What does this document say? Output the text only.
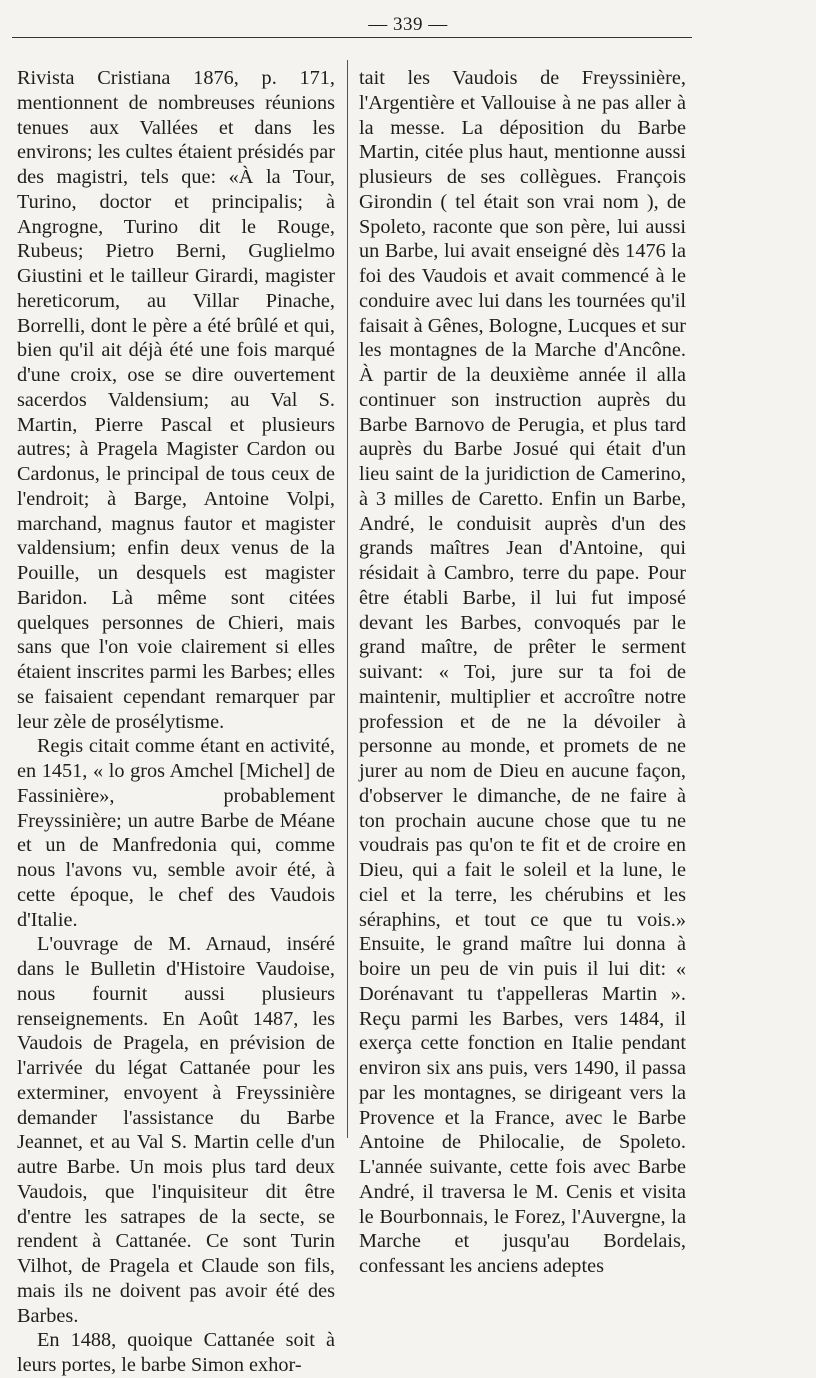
— 339 —

Rivista Cristiana 1876, p. 171, mentionnent de nombreuses réunions tenues aux Vallées et dans les environs; les cultes étaient présidés par des magistri, tels que: «À la Tour, Turino, doctor et principalis; à Angrogne, Turino dit le Rouge, Rubeus; Pietro Berni, Guglielmo Giustini et le tailleur Girardi, magister hereticorum, au Villar Pinache, Borrelli, dont le père a été brûlé et qui, bien qu'il ait déjà été une fois marqué d'une croix, ose se dire ouvertement sacerdos Valdensium; au Val S. Martin, Pierre Pascal et plusieurs autres; à Pragela Magister Cardon ou Cardonus, le principal de tous ceux de l'endroit; à Barge, Antoine Volpi, marchand, magnus fautor et magister valdensium; enfin deux venus de la Pouille, un desquels est magister Baridon. Là même sont citées quelques personnes de Chieri, mais sans que l'on voie clairement si elles étaient inscrites parmi les Barbes; elles se faisaient cependant remarquer par leur zèle de prosélytisme.

Regis citait comme étant en activité, en 1451, « lo gros Amchel [Michel] de Fassinière», probablement Freyssinière; un autre Barbe de Méane et un de Manfredonia qui, comme nous l'avons vu, semble avoir été, à cette époque, le chef des Vaudois d'Italie.

L'ouvrage de M. Arnaud, inséré dans le Bulletin d'Histoire Vaudoise, nous fournit aussi plusieurs renseignements. En Août 1487, les Vaudois de Pragela, en prévision de l'arrivée du légat Cattanée pour les exterminer, envoyent à Freyssinière demander l'assistance du Barbe Jeannet, et au Val S. Martin celle d'un autre Barbe. Un mois plus tard deux Vaudois, que l'inquisiteur dit être d'entre les satrapes de la secte, se rendent à Cattanée. Ce sont Turin Vilhot, de Pragela et Claude son fils, mais ils ne doivent pas avoir été des Barbes.

En 1488, quoique Cattanée soit à leurs portes, le barbe Simon exhor-

tait les Vaudois de Freyssinière, l'Argentière et Vallouise à ne pas aller à la messe. La déposition du Barbe Martin, citée plus haut, mentionne aussi plusieurs de ses collègues. François Girondin ( tel était son vrai nom ), de Spoleto, raconte que son père, lui aussi un Barbe, lui avait enseigné dès 1476 la foi des Vaudois et avait commencé à le conduire avec lui dans les tournées qu'il faisait à Gênes, Bologne, Lucques et sur les montagnes de la Marche d'Ancône. À partir de la deuxième année il alla continuer son instruction auprès du Barbe Barnovo de Perugia, et plus tard auprès du Barbe Josué qui était d'un lieu saint de la juridiction de Camerino, à 3 milles de Caretto. Enfin un Barbe, André, le conduisit auprès d'un des grands maîtres Jean d'Antoine, qui résidait à Cambro, terre du pape. Pour être établi Barbe, il lui fut imposé devant les Barbes, convoqués par le grand maître, de prêter le serment suivant: « Toi, jure sur ta foi de maintenir, multiplier et accroître notre profession et de ne la dévoiler à personne au monde, et promets de ne jurer au nom de Dieu en aucune façon, d'observer le dimanche, de ne faire à ton prochain aucune chose que tu ne voudrais pas qu'on te fit et de croire en Dieu, qui a fait le soleil et la lune, le ciel et la terre, les chérubins et les séraphins, et tout ce que tu vois.» Ensuite, le grand maître lui donna à boire un peu de vin puis il lui dit: « Dorénavant tu t'appelleras Martin ». Reçu parmi les Barbes, vers 1484, il exerça cette fonction en Italie pendant environ six ans puis, vers 1490, il passa par les montagnes, se dirigeant vers la Provence et la France, avec le Barbe Antoine de Philocalie, de Spoleto. L'année suivante, cette fois avec Barbe André, il traversa le M. Cenis et visita le Bourbonnais, le Forez, l'Auvergne, la Marche et jusqu'au Bordelais, confessant les anciens adeptes
